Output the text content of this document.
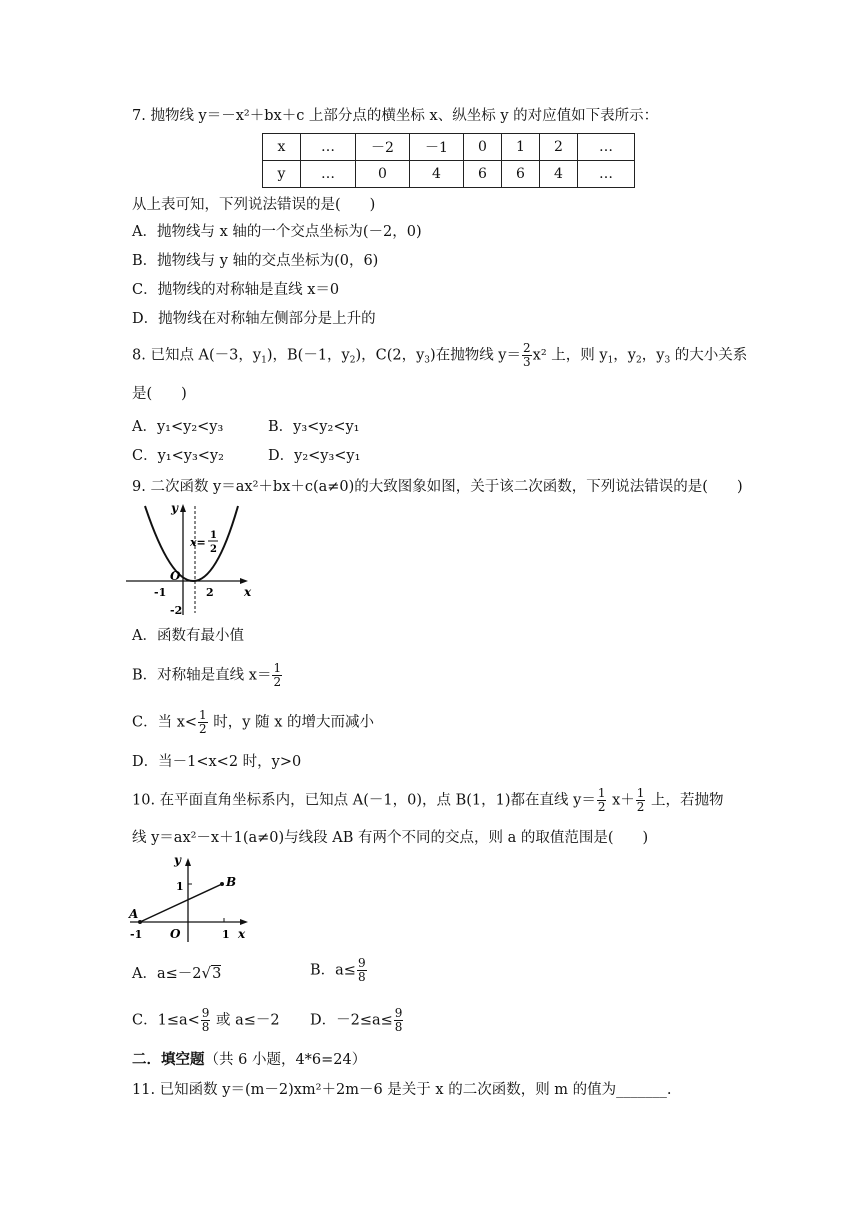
7. 抛物线 y＝－x²＋bx＋c 上部分点的横坐标 x、纵坐标 y 的对应值如下表所示：
x	…	－2	－1	0	1	2	…
y	…	0	4	6	6	4	…
从上表可知，下列说法错误的是(　　)
A．抛物线与 x 轴的一个交点坐标为(－2，0)
B．抛物线与 y 轴的交点坐标为(0，6)
C．抛物线的对称轴是直线 x＝0
D．抛物线在对称轴左侧部分是上升的
8. 已知点 A(－3，$y_1$)，B(－1，$y_2$)，C(2，$y_3$)在抛物线 $y= \frac{2}{3} x^2$ 上，则 $y_1$，$y_2$，$y_3$ 的大小关系
是(　　)
A．y₁<y₂<y₃	B．y₃<y₂<y₁
C．y₁<y₃<y₂	D．y₂<y₃<y₁
9. 二次函数 y＝ax²＋bx＋c(a≠0)的大致图象如图，关于该二次函数，下列说法错误的是(　　)
x
y
O
-1	2
-2
x=
1
2
A．函数有最小值
B．对称轴是直线 $x= \frac{1}{2}$
C．当 $x< \frac{1}{2}$ 时，y 随 x 的增大而减小
D．当－1<x<2 时，y>0
10. 在平面直角坐标系内，已知点 A(－1，0)，点 B(1，1)都在直线 $y= \frac{1}{2} x+ \frac{1}{2}$ 上，若抛物
线 y＝ax²－x＋1(a≠0)与线段 AB 有两个不同的交点，则 a 的取值范围是(　　)
x
y
O
A
B
-1	1
1
A．a≤－2√3	B．$a\le \frac{9}{8}$
C．$1\le a< \frac{9}{8}$ 或 a≤－2 D．$-2\le a\le \frac{9}{8}$
二．填空题（共 6 小题，4*6=24）
11. 已知函数 y＝(m－2)xm²＋2m－6 是关于 x 的二次函数，则 m 的值为_______.
